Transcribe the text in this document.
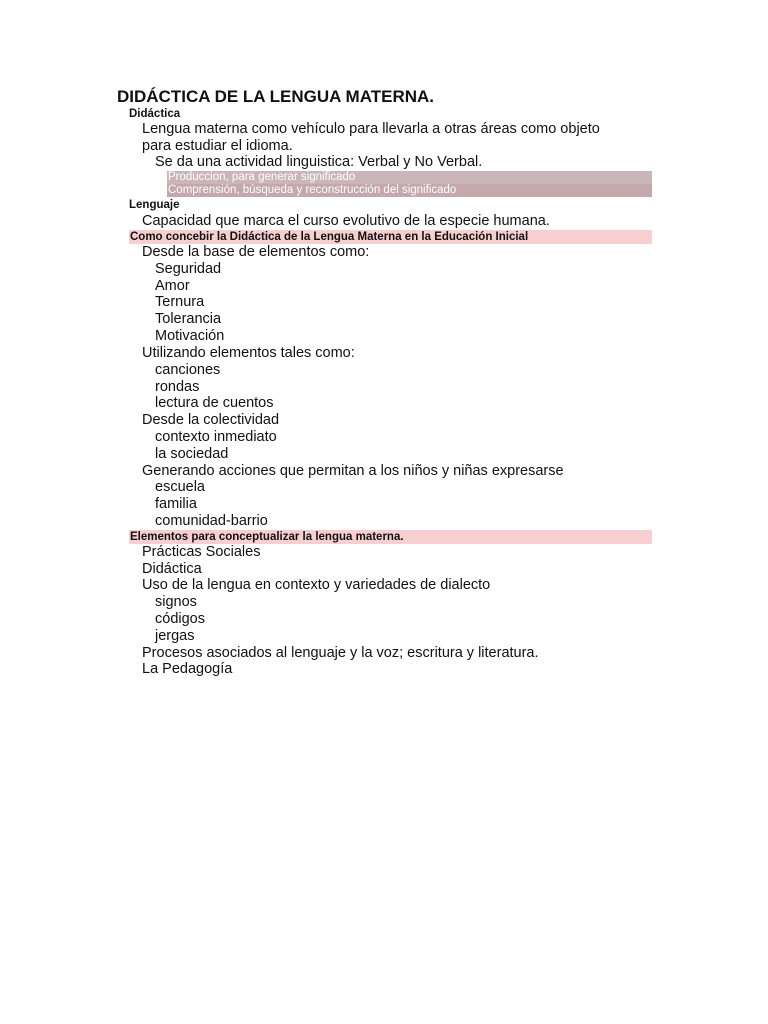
DIDÁCTICA DE LA LENGUA MATERNA.
Didáctica
Lengua materna como vehículo para llevarla a otras áreas como objeto
para estudiar el idioma.
Se da una actividad linguistica: Verbal y No Verbal.
Produccion, para generar significado
Comprensión, búsqueda y reconstrucción del significado
Lenguaje
Capacidad que marca el curso evolutivo de la especie humana.
Como concebir la Didáctica de la Lengua Materna en la Educación Inicial
Desde la base de elementos como:
Seguridad
Amor
Ternura
Tolerancia
Motivación
Utilizando elementos tales como:
canciones
rondas
lectura de cuentos
Desde la colectividad
contexto inmediato
la sociedad
Generando acciones que permitan a los niños y niñas expresarse
escuela
familia
comunidad-barrio
Elementos para conceptualizar la lengua materna.
Prácticas Sociales
Didáctica
Uso de la lengua en contexto y variedades de dialecto
signos
códigos
jergas
Procesos asociados al lenguaje y la voz; escritura y literatura.
La Pedagogía
